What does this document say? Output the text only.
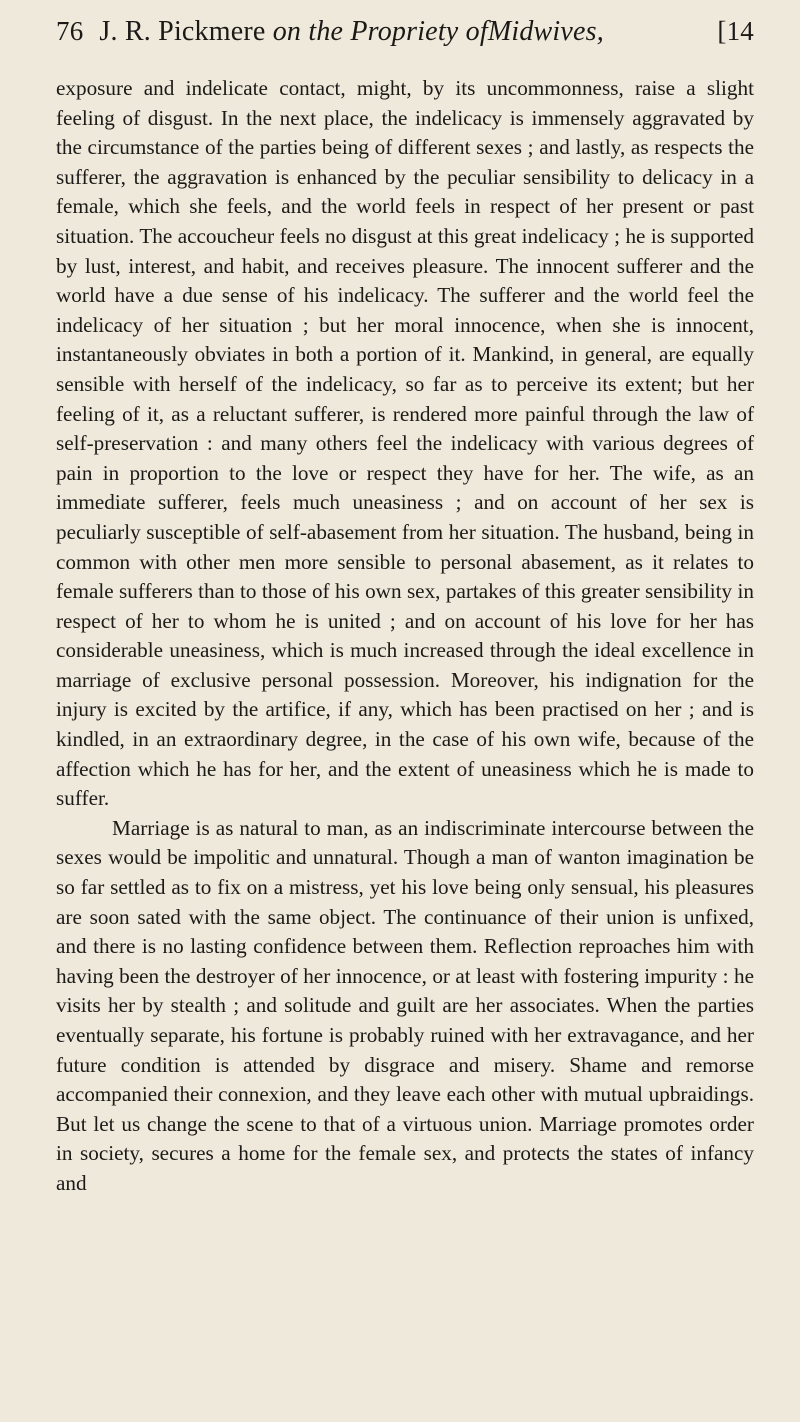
76 J. R. Pickmere on the Propriety ofMidwives,	[14

exposure and indelicate contact, might, by its uncommonness, raise a slight feeling of disgust. In the next place, the indelicacy is immensely aggravated by the circumstance of the parties being of different sexes ; and lastly, as respects the sufferer, the aggravation is enhanced by the peculiar sensibility to delicacy in a female, which she feels, and the world feels in respect of her present or past situation. The accoucheur feels no disgust at this great indelicacy ; he is supported by lust, interest, and habit, and receives pleasure. The innocent sufferer and the world have a due sense of his indelicacy. The sufferer and the world feel the indelicacy of her situation ; but her moral innocence, when she is innocent, instantaneously obviates in both a portion of it. Mankind, in general, are equally sensible with herself of the indelicacy, so far as to perceive its extent; but her feeling of it, as a reluctant sufferer, is rendered more painful through the law of self-preservation : and many others feel the indelicacy with various degrees of pain in proportion to the love or respect they have for her. The wife, as an immediate sufferer, feels much uneasiness ; and on account of her sex is peculiarly susceptible of self-abasement from her situation. The husband, being in common with other men more sensible to personal abasement, as it relates to female sufferers than to those of his own sex, partakes of this greater sensibility in respect of her to whom he is united ; and on account of his love for her has considerable uneasiness, which is much increased through the ideal excellence in marriage of exclusive personal possession. Moreover, his indignation for the injury is excited by the artifice, if any, which has been practised on her ; and is kindled, in an extraordinary degree, in the case of his own wife, because of the affection which he has for her, and the extent of uneasiness which he is made to suffer.

Marriage is as natural to man, as an indiscriminate intercourse between the sexes would be impolitic and unnatural. Though a man of wanton imagination be so far settled as to fix on a mistress, yet his love being only sensual, his pleasures are soon sated with the same object. The continuance of their union is unfixed, and there is no lasting confidence between them. Reflection reproaches him with having been the destroyer of her innocence, or at least with fostering impurity : he visits her by stealth ; and solitude and guilt are her associates. When the parties eventually separate, his fortune is probably ruined with her extravagance, and her future condition is attended by disgrace and misery. Shame and remorse accompanied their connexion, and they leave each other with mutual upbraidings. But let us change the scene to that of a virtuous union. Marriage promotes order in society, secures a home for the female sex, and protects the states of infancy and
